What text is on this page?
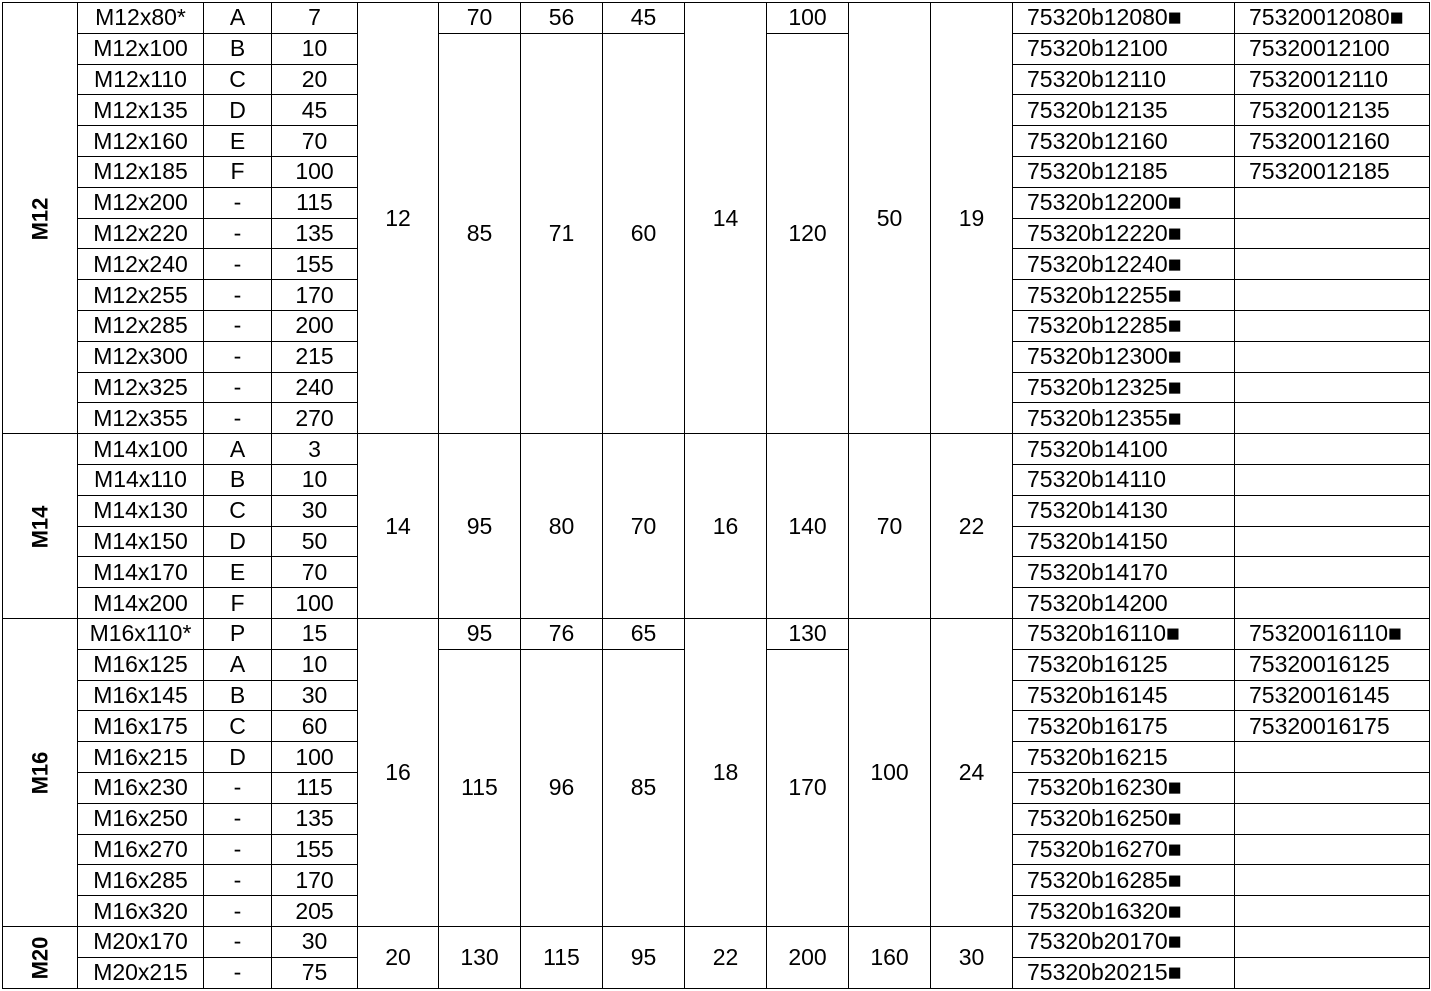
M12	M12x80*	A	7	12	70	56	45	14	100	50	19	75320b12080■	75320012080■
	M12x100	B	10		85	71	60		120			75320b12100	75320012100
	M12x110	C	20									75320b12110	75320012110
	M12x135	D	45									75320b12135	75320012135
	M12x160	E	70									75320b12160	75320012160
	M12x185	F	100									75320b12185	75320012185
	M12x200	-	115									75320b12200■	
	M12x220	-	135									75320b12220■	
	M12x240	-	155									75320b12240■	
	M12x255	-	170									75320b12255■	
	M12x285	-	200									75320b12285■	
	M12x300	-	215									75320b12300■	
	M12x325	-	240									75320b12325■	
	M12x355	-	270									75320b12355■	
M14	M14x100	A	3	14	95	80	70	16	140	70	22	75320b14100	
	M14x110	B	10									75320b14110	
	M14x130	C	30									75320b14130	
	M14x150	D	50									75320b14150	
	M14x170	E	70									75320b14170	
	M14x200	F	100									75320b14200	
M16	M16x110*	P	15	16	95	76	65	18	130	100	24	75320b16110■	75320016110■
	M16x125	A	10		115	96	85		170			75320b16125	75320016125
	M16x145	B	30									75320b16145	75320016145
	M16x175	C	60									75320b16175	75320016175
	M16x215	D	100									75320b16215	
	M16x230	-	115									75320b16230■	
	M16x250	-	135									75320b16250■	
	M16x270	-	155									75320b16270■	
	M16x285	-	170									75320b16285■	
	M16x320	-	205									75320b16320■	
M20	M20x170	-	30	20	130	115	95	22	200	160	30	75320b20170■	
	M20x215	-	75									75320b20215■	
